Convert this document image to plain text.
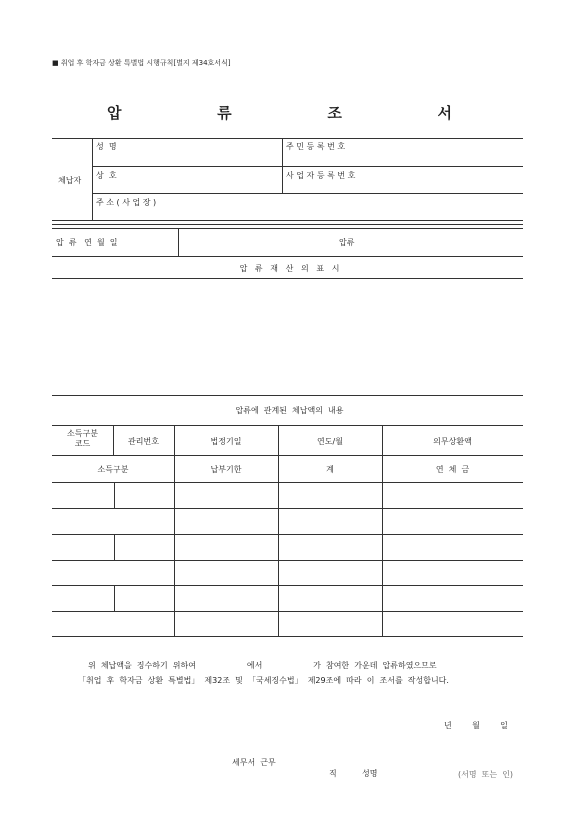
■ 취업 후 학자금 상환 특별법 시행규칙[별지 제34호서식]
압   류   조   서
체납자
성  명	주 민 등 록 번 호
상  호	사 업 자 등 록 번 호
주 소 ( 사 업 장 )
압  류   연  월  일	압류
압   류   재   산   의   표   시
압류에  관계된  체납액의  내용
소득구분
코드	관리번호	법정기일	연도/월	의무상환액
소득구분	납부기한	계	연  체  금
위  체납액을  징수하기  위하여                    에서                    가  참여한  가운데  압류하였으므로
「취업  후  학자금  상환  특별법」  제32조  및  「국세징수법」  제29조에  따라  이  조서를  작성합니다.
년        월        일
세무서  근무
직	성명	(서명  또는  인)
